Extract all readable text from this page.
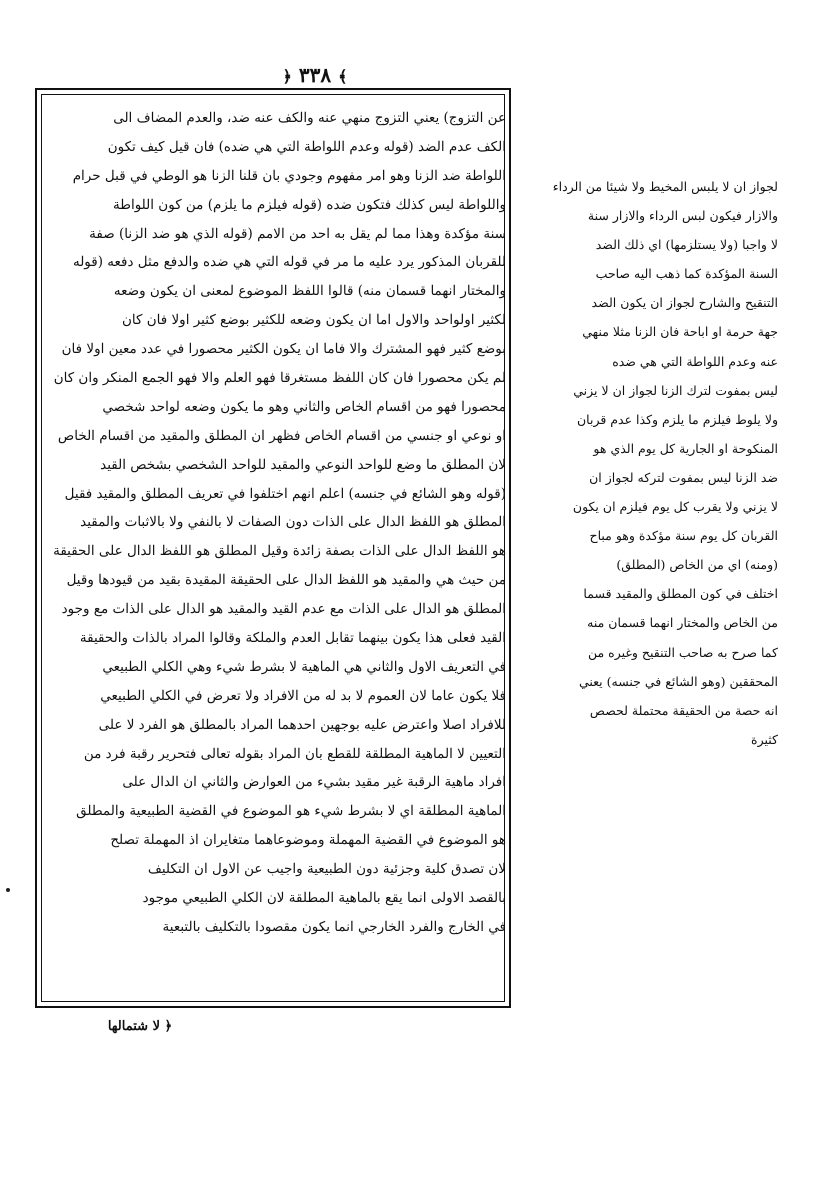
﴾ ٣٣٨ ﴿
عن التزوج) يعني التزوج منهي عنه والكف عنه ضد، والعدم المضاف الى
الكف عدم الضد (قوله وعدم اللواطة التي هي ضده) فان قيل كيف تكون
اللواطة ضد الزنا وهو امر مفهوم وجودي بان قلنا الزنا هو الوطي في قبل حرام
واللواطة ليس كذلك فتكون ضده (قوله فيلزم ما يلزم) من كون اللواطة
سنة مؤكدة وهذا مما لم يقل به احد من الامم (قوله الذي هو ضد الزنا) صفة
للقربان المذكور يرد عليه ما مر في قوله التي هي ضده والدفع مثل دفعه (قوله
والمختار انهما قسمان منه) قالوا اللفظ الموضوع لمعنى ان يكون وضعه
لكثير اولواحد والاول اما ان يكون وضعه للكثير بوضع كثير اولا فان كان
بوضع كثير فهو المشترك والا فاما ان يكون الكثير محصورا في عدد معين اولا فان
لم يكن محصورا فان كان اللفظ مستغرقا فهو العلم والا فهو الجمع المنكر وان كان
محصورا فهو من اقسام الخاص والثاني وهو ما يكون وضعه لواحد شخصي
او نوعي او جنسي من اقسام الخاص فظهر ان المطلق والمقيد من اقسام الخاص
لان المطلق ما وضع للواحد النوعي والمقيد للواحد الشخصي بشخص القيد
(قوله وهو الشائع في جنسه) اعلم انهم اختلفوا في تعريف المطلق والمقيد فقيل
المطلق هو اللفظ الدال على الذات دون الصفات لا بالنفي ولا بالاثبات والمقيد
هو اللفظ الدال على الذات بصفة زائدة وقيل المطلق هو اللفظ الدال على الحقيقة
من حيث هي والمقيد هو اللفظ الدال على الحقيقة المقيدة بقيد من قيودها وقيل
المطلق هو الدال على الذات مع عدم القيد والمقيد هو الدال على الذات مع وجود
القيد فعلى هذا يكون بينهما تقابل العدم والملكة وقالوا المراد بالذات والحقيقة
في التعريف الاول والثاني هي الماهية لا بشرط شيء وهي الكلي الطبيعي
فلا يكون عاما لان العموم لا بد له من الافراد ولا تعرض في الكلي الطبيعي
للافراد اصلا واعترض عليه بوجهين احدهما المراد بالمطلق هو الفرد لا على
التعيين لا الماهية المطلقة للقطع بان المراد بقوله تعالى فتحرير رقبة فرد من
افراد ماهية الرقبة غير مقيد بشيء من العوارض والثاني ان الدال على
الماهية المطلقة اي لا بشرط شيء هو الموضوع في القضية الطبيعية والمطلق
هو الموضوع في القضية المهملة وموضوعاهما متغايران اذ المهملة تصلح
لان تصدق كلية وجزئية دون الطبيعية واجيب عن الاول ان التكليف
بالقصد الاولى انما يقع بالماهية المطلقة لان الكلي الطبيعي موجود
في الخارج والفرد الخارجي انما يكون مقصودا بالتكليف بالتبعية
لجواز ان لا يلبس المخيط ولا شيئا من الرداء
والازار فيكون لبس الرداء والازار سنة
لا واجبا (ولا يستلزمها) اي ذلك الضد
السنة المؤكدة كما ذهب اليه صاحب
التنقيح والشارح لجواز ان يكون الضد
جهة حرمة او اباحة فان الزنا مثلا منهي
عنه وعدم اللواطة التي هي ضده
ليس بمفوت لترك الزنا لجواز ان لا يزني
ولا يلوط فيلزم ما يلزم وكذا عدم قربان
المنكوحة او الجارية كل يوم الذي هو
ضد الزنا ليس بمفوت لتركه لجواز ان
لا يزني ولا يقرب كل يوم فيلزم ان يكون
القربان كل يوم سنة مؤكدة وهو مباح
(ومنه) اي من الخاص (المطلق)
اختلف في كون المطلق والمقيد قسما
من الخاص والمختار انهما قسمان منه
كما صرح به صاحب التنقيح وغيره من
المحققين (وهو الشائع في جنسه) يعني
انه حصة من الحقيقة محتملة لحصص
كثيرة
﴿ لا شتمالها
